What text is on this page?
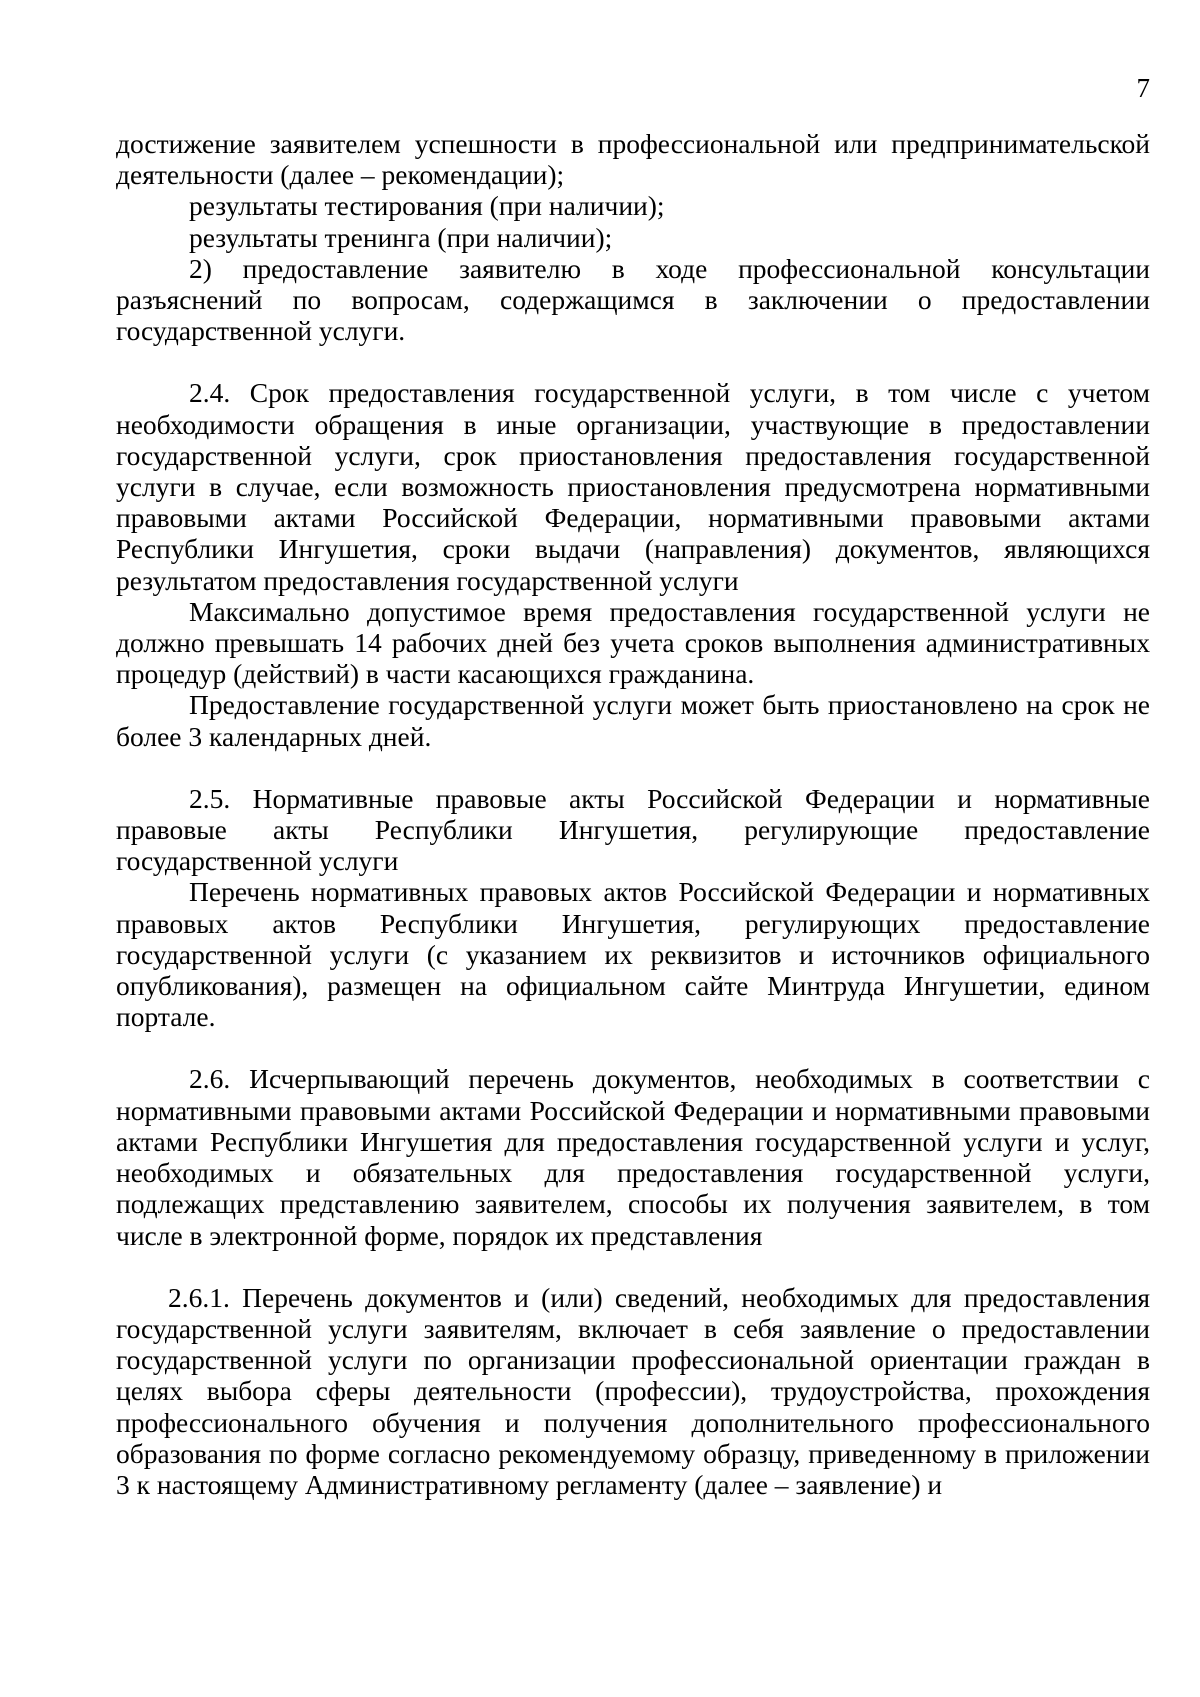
7

достижение заявителем успешности в профессиональной или предпринимательской деятельности (далее – рекомендации);

результаты тестирования (при наличии);

результаты тренинга (при наличии);

2) предоставление заявителю в ходе профессиональной консультации разъяснений по вопросам, содержащимся в заключении о предоставлении государственной услуги.

2.4. Срок предоставления государственной услуги, в том числе с учетом необходимости обращения в иные организации, участвующие в предоставлении государственной услуги, срок приостановления предоставления государственной услуги в случае, если возможность приостановления предусмотрена нормативными правовыми актами Российской Федерации, нормативными правовыми актами Республики Ингушетия, сроки выдачи (направления) документов, являющихся результатом предоставления государственной услуги

Максимально допустимое время предоставления государственной услуги не должно превышать 14 рабочих дней без учета сроков выполнения административных процедур (действий) в части касающихся гражданина.

Предоставление государственной услуги может быть приостановлено на срок не более 3 календарных дней.

2.5. Нормативные правовые акты Российской Федерации и нормативные правовые акты Республики Ингушетия, регулирующие предоставление государственной услуги

Перечень нормативных правовых актов Российской Федерации и нормативных правовых актов Республики Ингушетия, регулирующих предоставление государственной услуги (с указанием их реквизитов и источников официального опубликования), размещен на официальном сайте Минтруда Ингушетии, едином портале.

2.6. Исчерпывающий перечень документов, необходимых в соответствии с нормативными правовыми актами Российской Федерации и нормативными правовыми актами Республики Ингушетия для предоставления государственной услуги и услуг, необходимых и обязательных для предоставления государственной услуги, подлежащих представлению заявителем, способы их получения заявителем, в том числе в электронной форме, порядок их представления

2.6.1. Перечень документов и (или) сведений, необходимых для предоставления государственной услуги заявителям, включает в себя заявление о предоставлении государственной услуги по организации профессиональной ориентации граждан в целях выбора сферы деятельности (профессии), трудоустройства, прохождения профессионального обучения и получения дополнительного профессионального образования по форме согласно рекомендуемому образцу, приведенному в приложении 3 к настоящему Административному регламенту (далее – заявление) и
